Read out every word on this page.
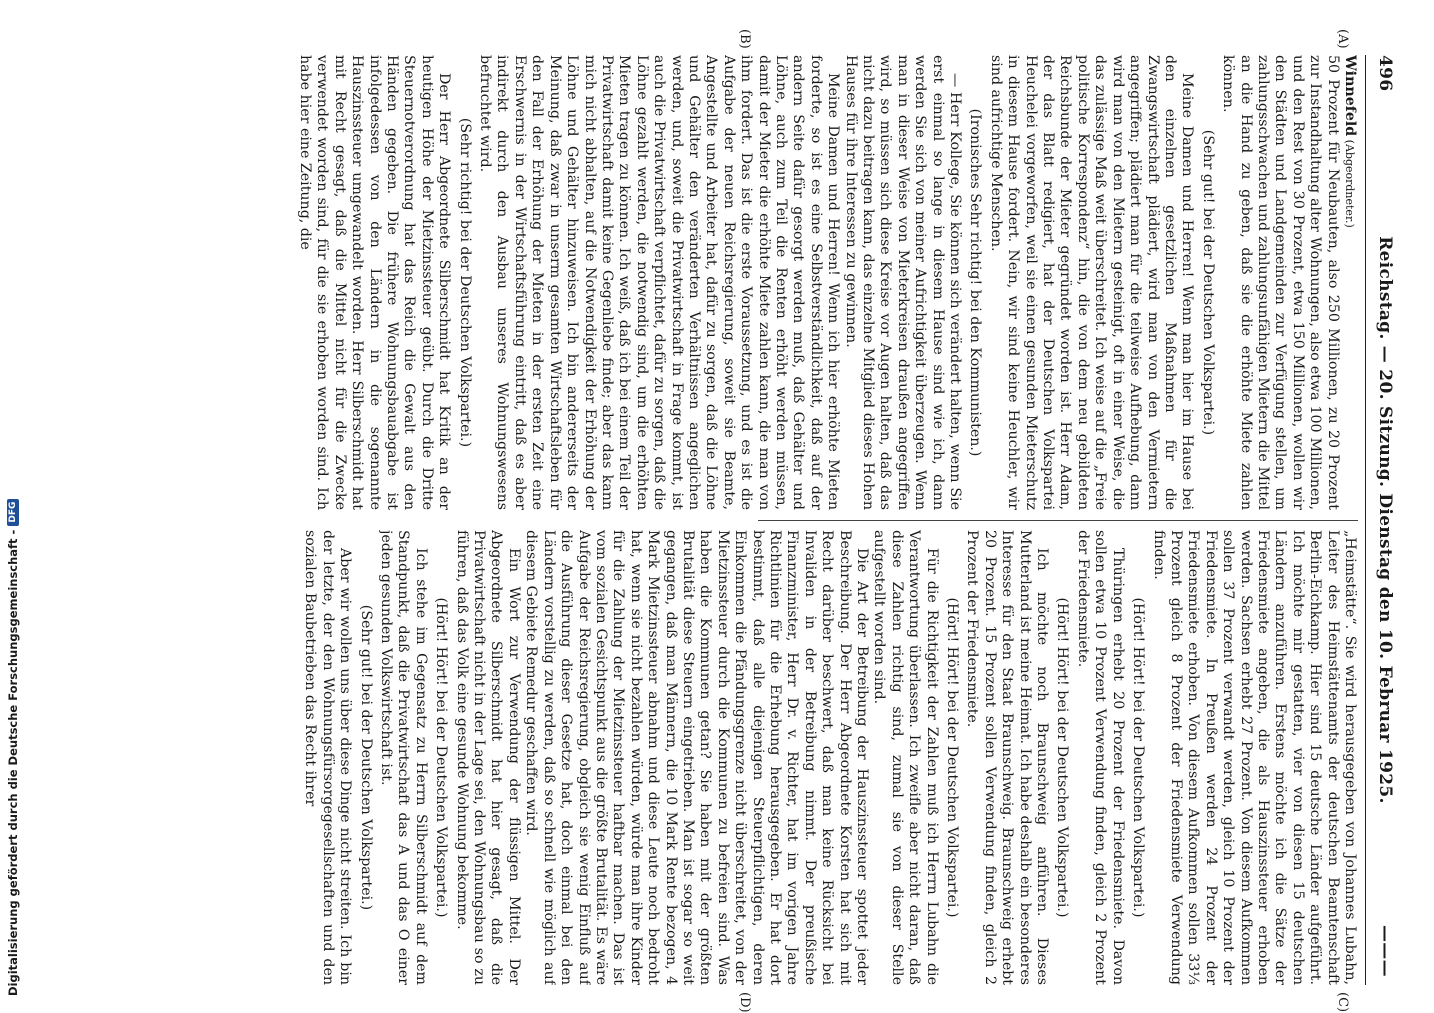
496
Reichstag. — 20. Sitzung. Dienstag den 10. Februar 1925.
———
(A)
(B)
(C)
(D)

Winnefeld (Abgeordneter.)

50 Prozent für Neubauten, also 250 Millionen, zu 20 Prozent zur Instandhaltung alter Wohnungen, also etwa 100 Millionen, und den Rest von 30 Prozent, etwa 150 Millionen, wollen wir den Städten und Landgemeinden zur Verfügung stellen, um zahlungsschwachen und zahlungsunfähigen Mietern die Mittel an die Hand zu geben, daß sie die erhöhte Miete zahlen können.

(Sehr gut! bei der Deutschen Volkspartei.)

Meine Damen und Herren! Wenn man hier im Hause bei den einzelnen gesetzlichen Maßnahmen für die Zwangswirtschaft plädiert, wird man von den Vermietern angegriffen; plädiert man für die teilweise Aufhebung, dann wird man von den Mietern gesteinigt, oft in einer Weise, die das zulässige Maß weit überschreitet. Ich weise auf die „Freie politische Korrespondenz“ hin, die von dem neu gebildeten Reichsbunde der Mieter gegründet worden ist. Herr Adam, der das Blatt redigiert, hat der Deutschen Volkspartei Heuchelei vorgeworfen, weil sie einen gesunden Mieterschutz in diesem Hause fordert. Nein, wir sind keine Heuchler, wir sind aufrichtige Menschen.

(Ironisches Sehr richtig! bei den Kommunisten.)

— Herr Kollege, Sie können sich verändert halten, wenn Sie erst einmal so lange in diesem Hause sind wie ich, dann werden Sie sich von meiner Aufrichtigkeit überzeugen. Wenn man in dieser Weise von Mieterkreisen draußen angegriffen wird, so müssen sich diese Kreise vor Augen halten, daß das nicht dazu beitragen kann, das einzelne Mitglied dieses Hohen Hauses für ihre Interessen zu gewinnen.

Meine Damen und Herren! Wenn ich hier erhöhte Mieten forderte, so ist es eine Selbstverständlichkeit, daß auf der andern Seite dafür gesorgt werden muß, daß Gehälter und Löhne, auch zum Teil die Renten erhöht werden müssen, damit der Mieter die erhöhte Miete zahlen kann, die man von ihm fordert. Das ist die erste Voraussetzung, und es ist die Aufgabe der neuen Reichsregierung, soweit sie Beamte, Angestellte und Arbeiter hat, dafür zu sorgen, daß die Löhne und Gehälter den veränderten Verhältnissen angeglichen werden, und, soweit die Privatwirtschaft in Frage kommt, ist auch die Privatwirtschaft verpflichtet, dafür zu sorgen, daß die Löhne gezahlt werden, die notwendig sind, um die erhöhten Mieten tragen zu können. Ich weiß, daß ich bei einem Teil der Privatwirtschaft damit keine Gegenliebe finde; aber das kann mich nicht abhalten, auf die Notwendigkeit der Erhöhung der Löhne und Gehälter hinzuweisen. Ich bin andererseits der Meinung, daß zwar in unserm gesamten Wirtschaftsleben für den Fall der Erhöhung der Mieten in der ersten Zeit eine Erschwernis in der Wirtschaftsführung eintritt, daß es aber indirekt durch den Ausbau unseres Wohnungswesens befruchtet wird.

(Sehr richtig! bei der Deutschen Volkspartei.)

Der Herr Abgeordnete Silberschmidt hat Kritik an der heutigen Höhe der Mietzinssteuer geübt. Durch die Dritte Steuernotverordnung hat das Reich die Gewalt aus den Händen gegeben. Die frühere Wohnungsbauabgabe ist infolgedessen von den Ländern in die sogenannte Hauszinssteuer umgewandelt worden. Herr Silberschmidt hat mit Recht gesagt, daß die Mittel nicht für die Zwecke verwendet worden sind, für die sie erhoben worden sind. Ich habe hier eine Zeitung, die

„Heimstätte“. Sie wird herausgegeben von Johannes Lubahn, Leiter des Heimstättenamts der deutschen Beamtenschaft Berlin-Eichkamp. Hier sind 15 deutsche Länder aufgeführt. Ich möchte mir gestatten, vier von diesen 15 deutschen Ländern anzuführen. Erstens möchte ich die Sätze der Friedensmiete angeben, die als Hauszinssteuer erhoben werden. Sachsen erhebt 27 Prozent. Von diesem Aufkommen sollen 37 Prozent verwandt werden, gleich 10 Prozent der Friedensmiete. In Preußen werden 24 Prozent der Friedensmiete erhoben. Von diesem Aufkommen sollen 33⅓ Prozent gleich 8 Prozent der Friedensmiete Verwendung finden.

(Hört! Hört! bei der Deutschen Volkspartei.)

Thüringen erhebt 20 Prozent der Friedensmiete. Davon sollen etwa 10 Prozent Verwendung finden, gleich 2 Prozent der Friedensmiete.

(Hört! Hört! bei der Deutschen Volkspartei.)

Ich möchte noch Braunschweig anführen. Dieses Mutterland ist meine Heimat. Ich habe deshalb ein besonderes Interesse für den Staat Braunschweig. Braunschweig erhebt 20 Prozent. 15 Prozent sollen Verwendung finden, gleich 2 Prozent der Friedensmiete.

(Hört! Hört! bei der Deutschen Volkspartei.)

Für die Richtigkeit der Zahlen muß ich Herrn Lubahn die Verantwortung überlassen. Ich zweifle aber nicht daran, daß diese Zahlen richtig sind, zumal sie von dieser Stelle aufgestellt worden sind.

Die Art der Betreibung der Hauszinssteuer spottet jeder Beschreibung. Der Herr Abgeordnete Korsten hat sich mit Recht darüber beschwert, daß man keine Rücksicht bei Invaliden in der Betreibung nimmt. Der preußische Finanzminister, Herr Dr. v. Richter, hat im vorigen Jahre Richtlinien für die Erhebung herausgegeben. Er hat dort bestimmt, daß alle diejenigen Steuerpflichtigen, deren Einkommen die Pfändungsgrenze nicht überschreitet, von der Mietzinssteuer durch die Kommunen zu befreien sind. Was haben die Kommunen getan? Sie haben mit der größten Brutalität diese Steuern eingetrieben. Man ist sogar so weit gegangen, daß man Männern, die 10 Mark Rente bezogen, 4 Mark Mietzinssteuer abnahm und diese Leute noch bedroht hat, wenn sie nicht bezahlen würden, würde man ihre Kinder für die Zahlung der Mietzinssteuer haftbar machen. Das ist vom sozialen Gesichtspunkt aus die größte Brutalität. Es wäre Aufgabe der Reichsregierung, obgleich sie wenig Einfluß auf die Ausführung dieser Gesetze hat, doch einmal bei den Ländern vorstellig zu werden, daß so schnell wie möglich auf diesem Gebiete Remedur geschaffen wird.

Ein Wort zur Verwendung der flüssigen Mittel. Der Abgeordnete Silberschmidt hat hier gesagt, daß die Privatwirtschaft nicht in der Lage sei, den Wohnungsbau so zu führen, daß das Volk eine gesunde Wohnung bekomme.

(Hört! Hört! bei der Deutschen Volkspartei.)

Ich stehe im Gegensatz zu Herrn Silberschmidt auf dem Standpunkt, daß die Privatwirtschaft das A und das O einer jeden gesunden Volkswirtschaft ist.

(Sehr gut! bei der Deutschen Volkspartei.)

Aber wir wollen uns über diese Dinge nicht streiten. Ich bin der letzte, der den Wohnungsfürsorgegesellschaften und den sozialen Baubetrieben das Recht ihrer

Digitalisierung gefördert durch die Deutsche Forschungsgemeinschaft -
DFG
